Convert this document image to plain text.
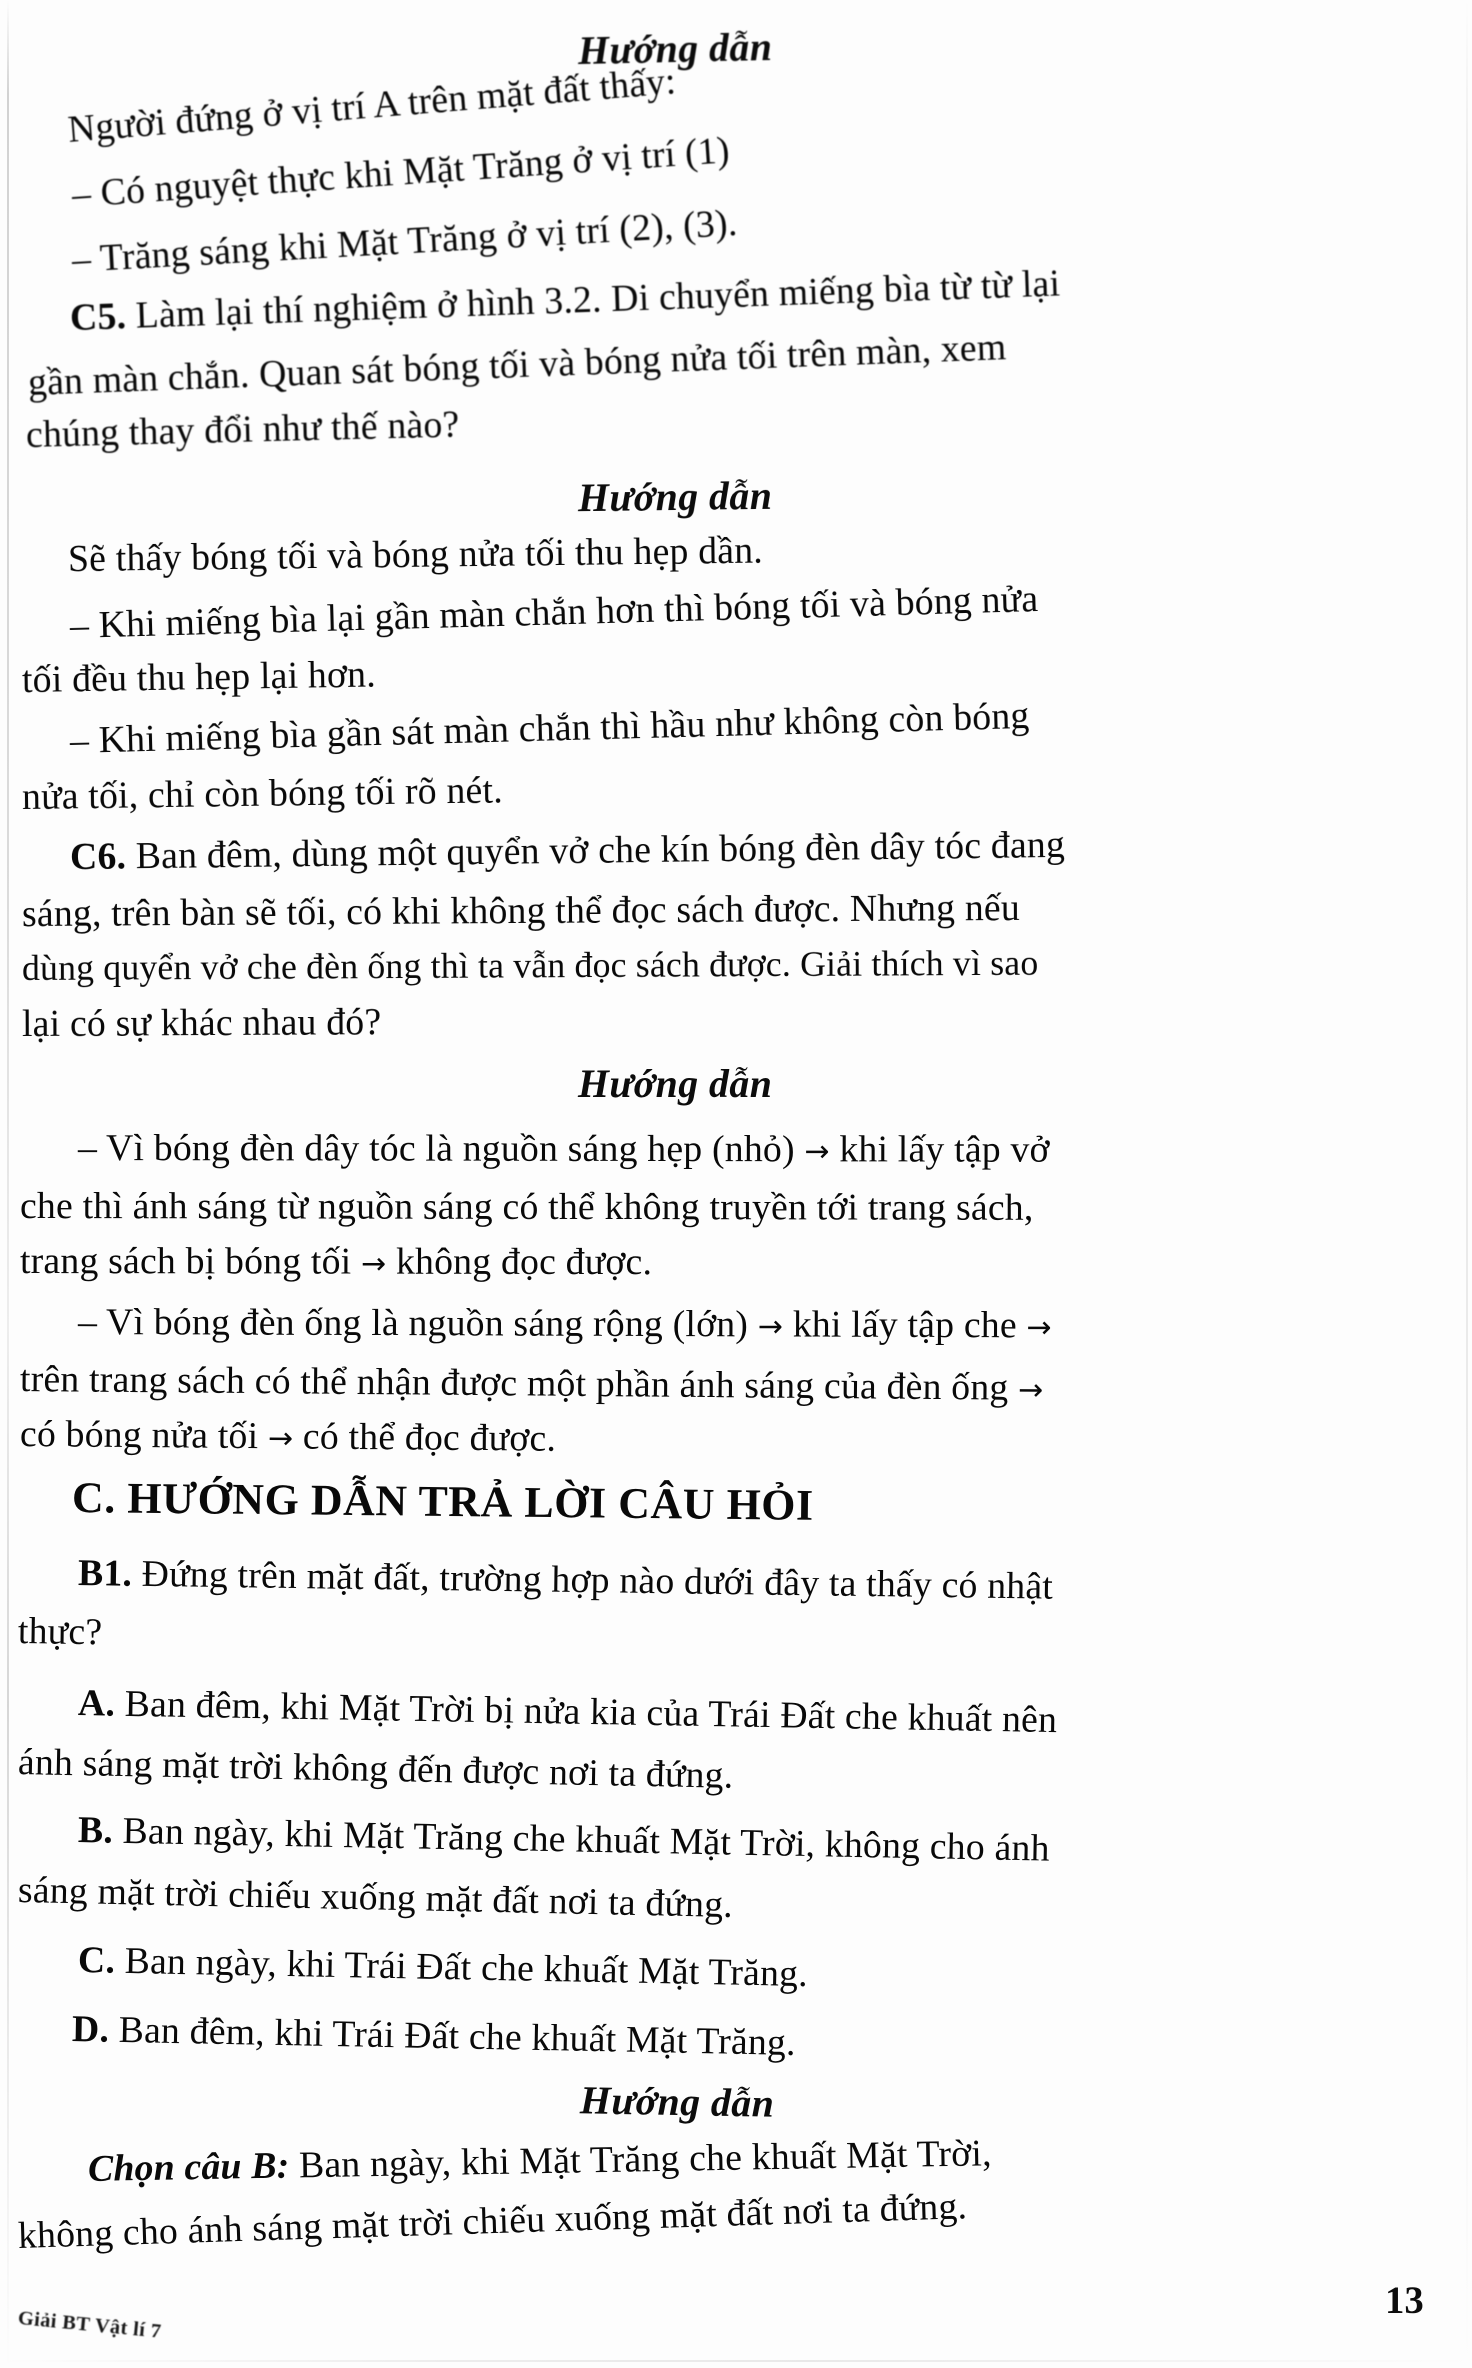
Hướng dẫn
Người đứng ở vị trí A trên mặt đất thấy:
– Có nguyệt thực khi Mặt Trăng ở vị trí (1)
– Trăng sáng khi Mặt Trăng ở vị trí (2), (3).
C5. Làm lại thí nghiệm ở hình 3.2. Di chuyển miếng bìa từ từ lại
gần màn chắn. Quan sát bóng tối và bóng nửa tối trên màn, xem
chúng thay đổi như thế nào?
Hướng dẫn
Sẽ thấy bóng tối và bóng nửa tối thu hẹp dần.
– Khi miếng bìa lại gần màn chắn hơn thì bóng tối và bóng nửa
tối đều thu hẹp lại hơn.
– Khi miếng bìa gần sát màn chắn thì hầu như không còn bóng
nửa tối, chỉ còn bóng tối rõ nét.
C6. Ban đêm, dùng một quyển vở che kín bóng đèn dây tóc đang
sáng, trên bàn sẽ tối, có khi không thể đọc sách được. Nhưng nếu
dùng quyển vở che đèn ống thì ta vẫn đọc sách được. Giải thích vì sao
lại có sự khác nhau đó?
Hướng dẫn
– Vì bóng đèn dây tóc là nguồn sáng hẹp (nhỏ) → khi lấy tập vở
che thì ánh sáng từ nguồn sáng có thể không truyền tới trang sách,
trang sách bị bóng tối → không đọc được.
– Vì bóng đèn ống là nguồn sáng rộng (lớn) → khi lấy tập che →
trên trang sách có thể nhận được một phần ánh sáng của đèn ống →
có bóng nửa tối → có thể đọc được.
C. HƯỚNG DẪN TRẢ LỜI CÂU HỎI
B1. Đứng trên mặt đất, trường hợp nào dưới đây ta thấy có nhật
thực?
A. Ban đêm, khi Mặt Trời bị nửa kia của Trái Đất che khuất nên
ánh sáng mặt trời không đến được nơi ta đứng.
B. Ban ngày, khi Mặt Trăng che khuất Mặt Trời, không cho ánh
sáng mặt trời chiếu xuống mặt đất nơi ta đứng.
C. Ban ngày, khi Trái Đất che khuất Mặt Trăng.
D. Ban đêm, khi Trái Đất che khuất Mặt Trăng.
Hướng dẫn
Chọn câu B: Ban ngày, khi Mặt Trăng che khuất Mặt Trời,
không cho ánh sáng mặt trời chiếu xuống mặt đất nơi ta đứng.
Giải BT Vật lí 7
13
